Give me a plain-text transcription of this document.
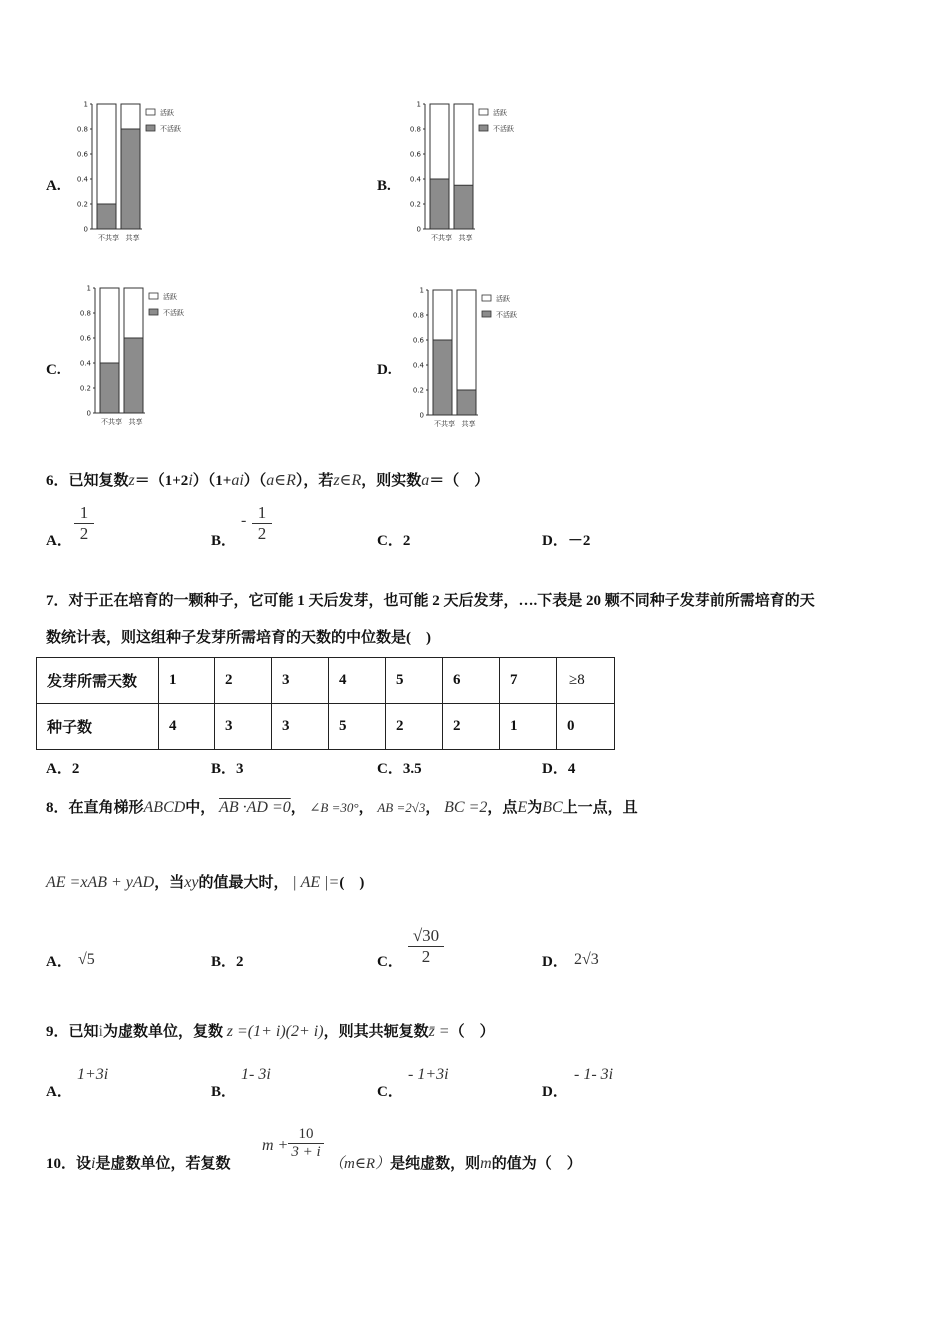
A.	B.
C.	D.
1
0.8
0.6
0.4
0.2
0
不共享 共享
活跃
不活跃
1
0.8
0.6
0.4
0.2
0
不共享 共享
活跃
不活跃
1
0.8
0.6
0.4
0.2
0
不共享 共享
活跃
不活跃
1
0.8
0.6
0.4
0.2
0
不共享 共享
活跃
不活跃
6．已知复数z＝（1+2i）（1+ai）（a∈R），若z∈R，则实数a＝（　）
A． $\frac{1}{2}$	B．
- $\frac{1}{2}$	C．2	D．－2
7．对于正在培育的一颗种子，它可能 1 天后发芽，也可能 2 天后发芽，….下表是 20 颗不同种子发芽前所需培育的天
数统计表，则这组种子发芽所需培育的天数的中位数是(　)
发芽所需天数	1	2	3	4	5	6	7	≥8
种子数	4	3	3	5	2	2	1	0
A．2	B．3	C．3.5	D．4
8．在直角梯形ABCD中， AB ·AD =0， ∠B =30°， AB =2√3， BC =2，点E为BC上一点，且
AE =xAB + yAD，当xy的值最大时， | AE |=(　)
A． √5	B．2	C． $\frac{√30}{2}$	D． 2√3
9．已知i为虚数单位，复数 z =(1+ i)(2+ i)，则其共轭复数z̄ =（　）
A．
1+3i
B．
1- 3i
C．
- 1+3i
D．
- 1- 3i
10．设i是虚数单位，若复数
$m + \frac{10}{3 + i}$
（m∈R）是纯虚数，则m的值为（　）
